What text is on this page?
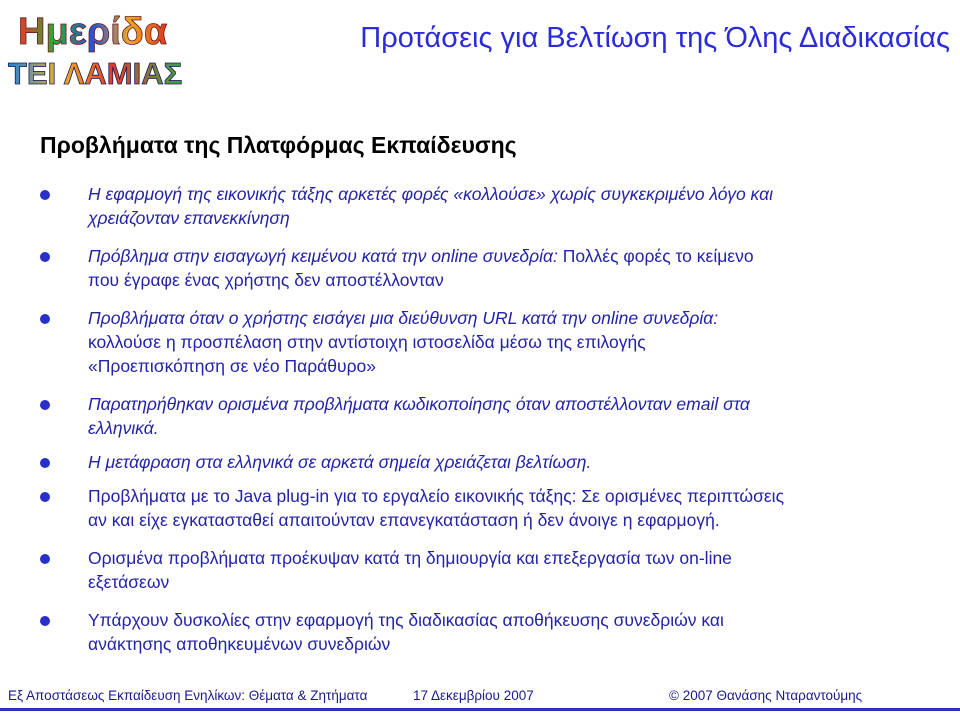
Ημερίδα
ΤΕΙ ΛΑΜΙΑΣ
Προτάσεις για Βελτίωση της Όλης Διαδικασίας
Προβλήματα της Πλατφόρμας Εκπαίδευσης
Η εφαρμογή της εικονικής τάξης αρκετές φορές «κολλούσε» χωρίς συγκεκριμένο λόγο και
χρειάζονταν επανεκκίνηση
Πρόβλημα στην εισαγωγή κειμένου κατά την online συνεδρία: Πολλές φορές το κείμενο
που έγραφε ένας χρήστης δεν αποστέλλονταν
Προβλήματα όταν ο χρήστης εισάγει μια διεύθυνση URL κατά την online συνεδρία:
κολλούσε η προσπέλαση στην αντίστοιχη ιστοσελίδα μέσω της επιλογής
«Προεπισκόπηση σε νέο Παράθυρο»
Παρατηρήθηκαν ορισμένα προβλήματα κωδικοποίησης όταν αποστέλλονταν email στα
ελληνικά.
Η μετάφραση στα ελληνικά σε αρκετά σημεία χρειάζεται βελτίωση.
Προβλήματα με το Java plug-in για το εργαλείο εικονικής τάξης: Σε ορισμένες περιπτώσεις
αν και είχε εγκατασταθεί απαιτούνταν επανεγκατάσταση ή δεν άνοιγε η εφαρμογή.
Ορισμένα προβλήματα προέκυψαν κατά τη δημιουργία και επεξεργασία των on-line
εξετάσεων
Υπάρχουν δυσκολίες στην εφαρμογή της διαδικασίας αποθήκευσης συνεδριών και
ανάκτησης αποθηκευμένων συνεδριών
Εξ Αποστάσεως Εκπαίδευση Ενηλίκων: Θέματα & Ζητήματα	17 Δεκεμβρίου 2007	© 2007 Θανάσης Νταραντούμης
